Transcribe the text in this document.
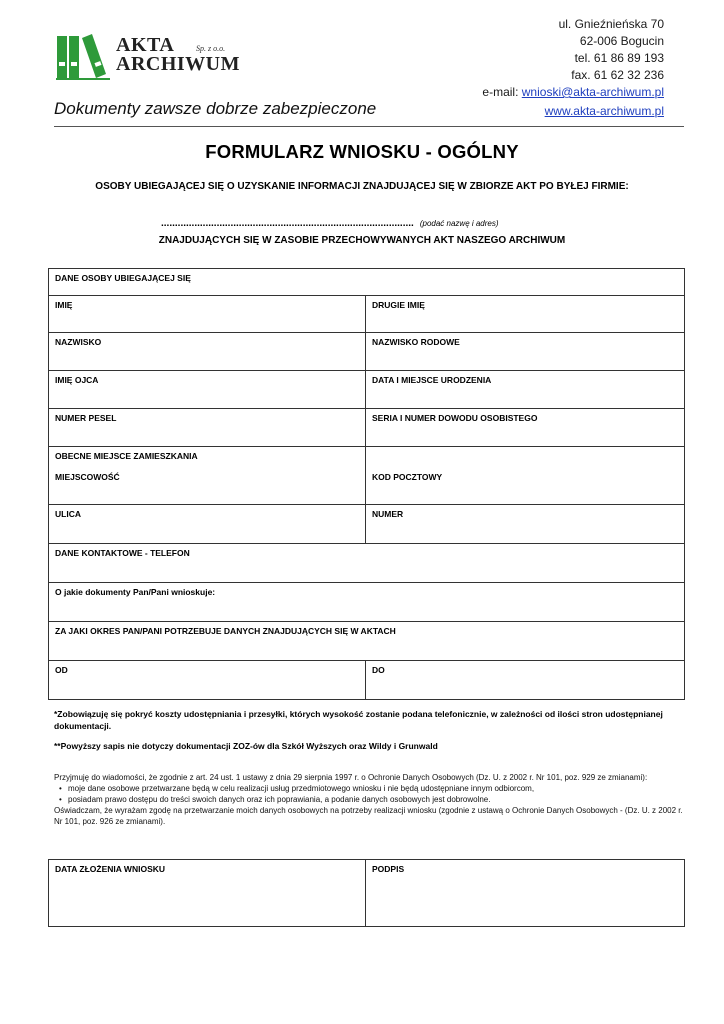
AKTA	Sp. z o.o.
ARCHIWUM
ul. Gnieźnieńska 70
62-006 Bogucin
tel. 61 86 89 193
fax. 61 62 32 236
e-mail: wnioski@akta-archiwum.pl
www.akta-archiwum.pl
Dokumenty zawsze dobrze zabezpieczone
FORMULARZ WNIOSKU - OGÓLNY
OSOBY UBIEGAJĄCEJ SIĘ O UZYSKANIE INFORMACJI ZNAJDUJĄCEJ SIĘ W ZBIORZE AKT PO BYŁEJ FIRMIE:
........................................................................................... (podać nazwę i adres)
ZNAJDUJĄCYCH SIĘ W ZASOBIE PRZECHOWYWANYCH AKT NASZEGO ARCHIWUM
DANE OSOBY UBIEGAJĄCEJ SIĘ
IMIĘ	DRUGIE IMIĘ
NAZWISKO	NAZWISKO RODOWE
IMIĘ OJCA	DATA I MIEJSCE URODZENIA
NUMER PESEL	SERIA I NUMER DOWODU OSOBISTEGO
OBECNE MIEJSCE ZAMIESZKANIA
MIEJSCOWOŚĆ	KOD POCZTOWY
ULICA	NUMER
DANE KONTAKTOWE - TELEFON
O jakie dokumenty Pan/Pani wnioskuje:
ZA JAKI OKRES PAN/PANI POTRZEBUJE DANYCH ZNAJDUJĄCYCH SIĘ W AKTACH
OD	DO
*Zobowiązuję się pokryć koszty udostępniania i przesyłki, których wysokość zostanie podana telefonicznie, w zależności od ilości stron udostępnianej dokumentacji.
**Powyższy sapis nie dotyczy dokumentacji ZOZ-ów dla Szkół Wyższych oraz Wildy i Grunwald
Przyjmuję do wiadomości, że zgodnie z art. 24 ust. 1 ustawy z dnia 29 sierpnia 1997 r. o Ochronie Danych Osobowych (Dz. U. z 2002 r. Nr 101, poz. 929 ze zmianami):
• moje dane osobowe przetwarzane będą w celu realizacji usług przedmiotowego wniosku i nie będą udostępniane innym odbiorcom,
• posiadam prawo dostępu do treści swoich danych oraz ich poprawiania, a podanie danych osobowych jest dobrowolne.
Oświadczam, że wyrażam zgodę na przetwarzanie moich danych osobowych na potrzeby realizacji wniosku (zgodnie z ustawą o Ochronie Danych Osobowych - (Dz. U. z 2002 r. Nr 101, poz. 926 ze zmianami).
DATA ZŁOŻENIA WNIOSKU	PODPIS
